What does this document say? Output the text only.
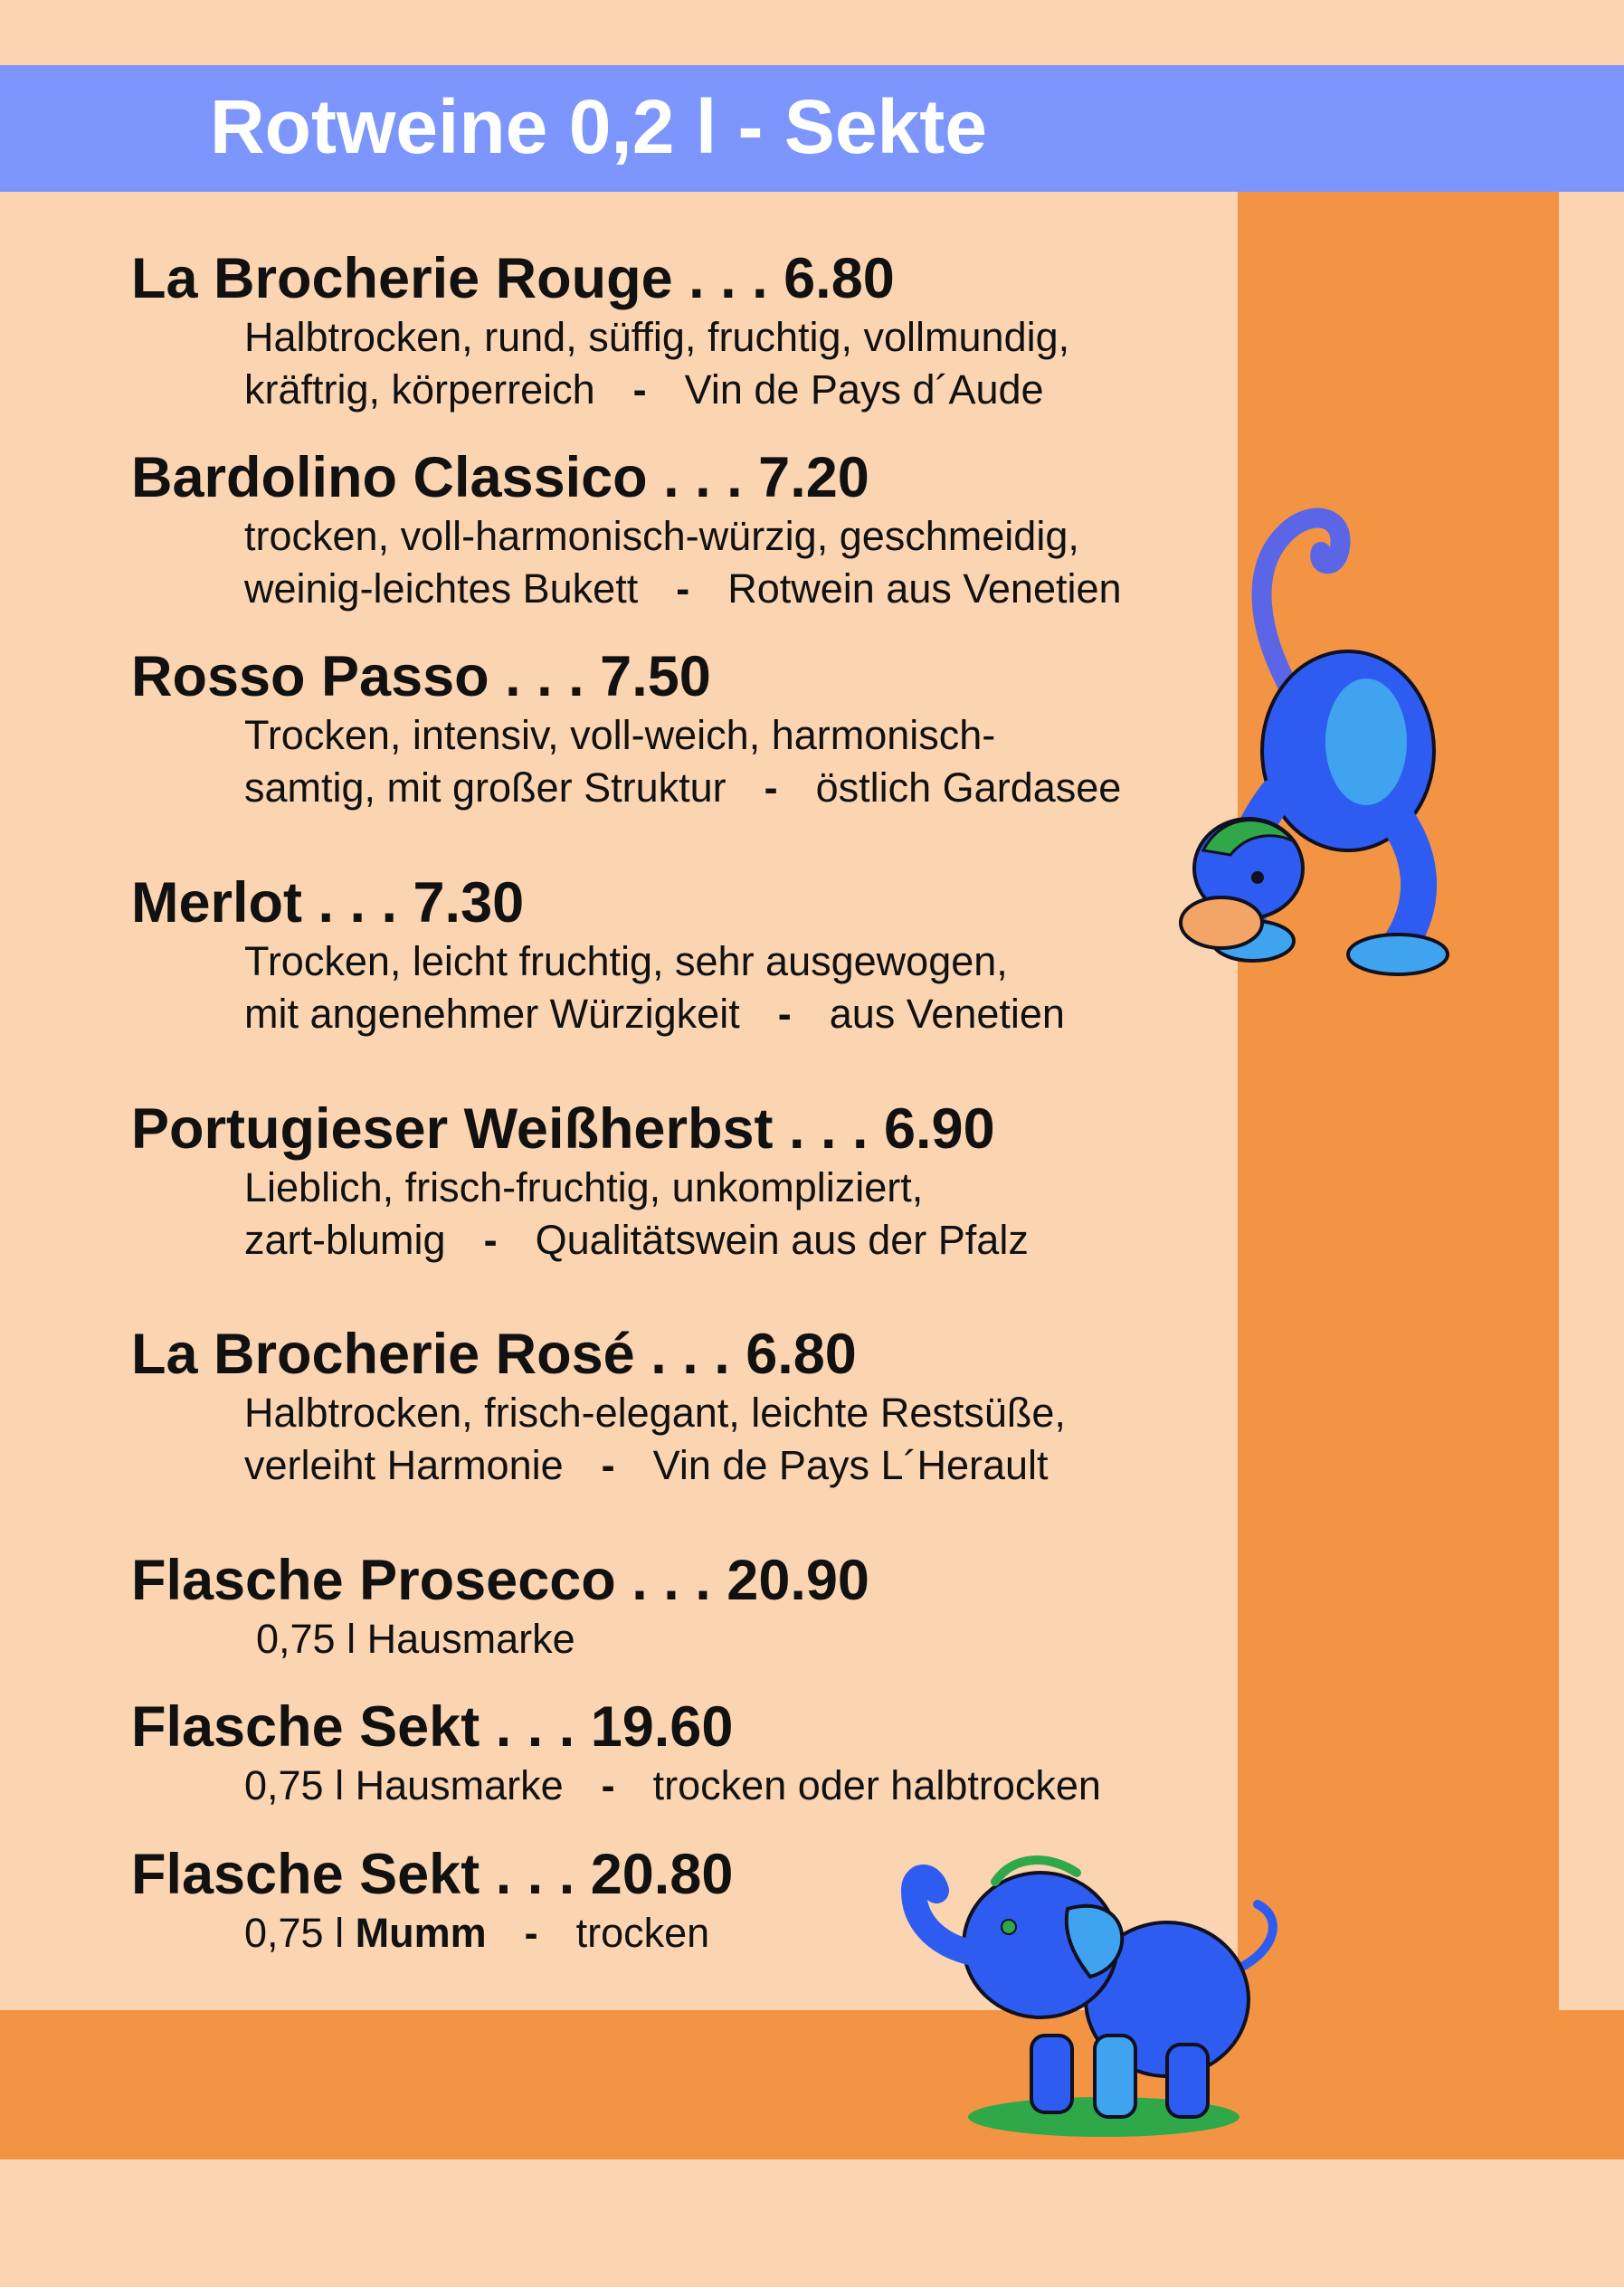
Rotweine 0,2 l - Sekte
La Brocherie Rouge . . . 6.80
Halbtrocken, rund, süffig, fruchtig, vollmundig,
kräftrig, körperreich - Vin de Pays d´Aude
Bardolino Classico . . . 7.20
trocken, voll-harmonisch-würzig, geschmeidig,
weinig-leichtes Bukett - Rotwein aus Venetien
Rosso Passo . . . 7.50
Trocken, intensiv, voll-weich, harmonisch-
samtig, mit großer Struktur - östlich Gardasee
Merlot . . . 7.30
Trocken, leicht fruchtig, sehr ausgewogen,
mit angenehmer Würzigkeit - aus Venetien
Portugieser Weißherbst . . . 6.90
Lieblich, frisch-fruchtig, unkompliziert,
zart-blumig - Qualitätswein aus der Pfalz
La Brocherie Rosé . . . 6.80
Halbtrocken, frisch-elegant, leichte Restsüße,
verleiht Harmonie - Vin de Pays L´Herault
Flasche Prosecco . . . 20.90
0,75 l Hausmarke
Flasche Sekt . . . 19.60
0,75 l Hausmarke - trocken oder halbtrocken
Flasche Sekt . . . 20.80
0,75 l Mumm - trocken
